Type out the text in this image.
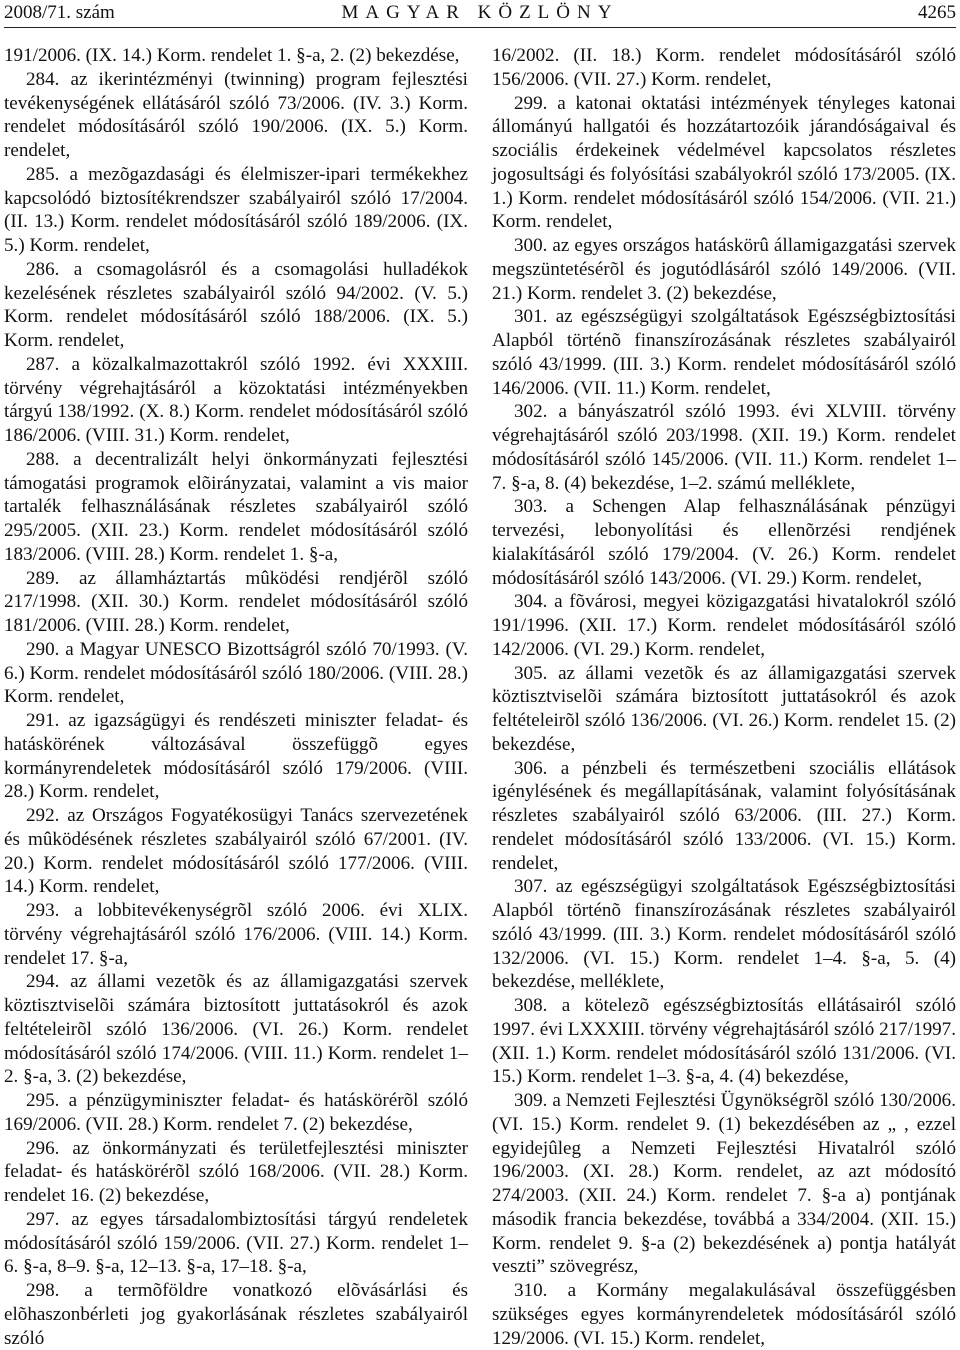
2008/71. szám	MAGYAR KÖZLÖNY	4265

191/2006. (IX. 14.) Korm. rendelet 1. §-a, 2. (2) bekezdése,

284. az ikerintézményi (twinning) program fejlesztési tevékenységének ellátásáról szóló 73/2006. (IV. 3.) Korm. rendelet módosításáról szóló 190/2006. (IX. 5.) Korm. rendelet,

285. a mezõgazdasági és élelmiszer-ipari termékekhez kapcsolódó biztosítékrendszer szabályairól szóló 17/2004. (II. 13.) Korm. rendelet módosításáról szóló 189/2006. (IX. 5.) Korm. rendelet,

286. a csomagolásról és a csomagolási hulladékok kezelésének részletes szabályairól szóló 94/2002. (V. 5.) Korm. rendelet módosításáról szóló 188/2006. (IX. 5.) Korm. rendelet,

287. a közalkalmazottakról szóló 1992. évi XXXIII. törvény végrehajtásáról a közoktatási intézményekben tárgyú 138/1992. (X. 8.) Korm. rendelet módosításáról szóló 186/2006. (VIII. 31.) Korm. rendelet,

288. a decentralizált helyi önkormányzati fejlesztési támogatási programok elõirányzatai, valamint a vis maior tartalék felhasználásának részletes szabályairól szóló 295/2005. (XII. 23.) Korm. rendelet módosításáról szóló 183/2006. (VIII. 28.) Korm. rendelet 1. §-a,

289. az államháztartás mûködési rendjérõl szóló 217/1998. (XII. 30.) Korm. rendelet módosításáról szóló 181/2006. (VIII. 28.) Korm. rendelet,

290. a Magyar UNESCO Bizottságról szóló 70/1993. (V. 6.) Korm. rendelet módosításáról szóló 180/2006. (VIII. 28.) Korm. rendelet,

291. az igazságügyi és rendészeti miniszter feladat- és hatáskörének változásával összefüggõ egyes kormányrendeletek módosításáról szóló 179/2006. (VIII. 28.) Korm. rendelet,

292. az Országos Fogyatékosügyi Tanács szervezetének és mûködésének részletes szabályairól szóló 67/2001. (IV. 20.) Korm. rendelet módosításáról szóló 177/2006. (VIII. 14.) Korm. rendelet,

293. a lobbitevékenységrõl szóló 2006. évi XLIX. törvény végrehajtásáról szóló 176/2006. (VIII. 14.) Korm. rendelet 17. §-a,

294. az állami vezetõk és az államigazgatási szervek köztisztviselõi számára biztosított juttatásokról és azok feltételeirõl szóló 136/2006. (VI. 26.) Korm. rendelet módosításáról szóló 174/2006. (VIII. 11.) Korm. rendelet 1–2. §-a, 3. (2) bekezdése,

295. a pénzügyminiszter feladat- és hatáskörérõl szóló 169/2006. (VII. 28.) Korm. rendelet 7. (2) bekezdése,

296. az önkormányzati és területfejlesztési miniszter feladat- és hatáskörérõl szóló 168/2006. (VII. 28.) Korm. rendelet 16. (2) bekezdése,

297. az egyes társadalombiztosítási tárgyú rendeletek módosításáról szóló 159/2006. (VII. 27.) Korm. rendelet 1–6. §-a, 8–9. §-a, 12–13. §-a, 17–18. §-a,

298. a termõföldre vonatkozó elõvásárlási és elõhaszonbérleti jog gyakorlásának részletes szabályairól szóló

16/2002. (II. 18.) Korm. rendelet módosításáról szóló 156/2006. (VII. 27.) Korm. rendelet,

299. a katonai oktatási intézmények tényleges katonai állományú hallgatói és hozzátartozóik járandóságaival és szociális érdekeinek védelmével kapcsolatos részletes jogosultsági és folyósítási szabályokról szóló 173/2005. (IX. 1.) Korm. rendelet módosításáról szóló 154/2006. (VII. 21.) Korm. rendelet,

300. az egyes országos hatáskörû államigazgatási szervek megszüntetésérõl és jogutódlásáról szóló 149/2006. (VII. 21.) Korm. rendelet 3. (2) bekezdése,

301. az egészségügyi szolgáltatások Egészségbiztosítási Alapból történõ finanszírozásának részletes szabályairól szóló 43/1999. (III. 3.) Korm. rendelet módosításáról szóló 146/2006. (VII. 11.) Korm. rendelet,

302. a bányászatról szóló 1993. évi XLVIII. törvény végrehajtásáról szóló 203/1998. (XII. 19.) Korm. rendelet módosításáról szóló 145/2006. (VII. 11.) Korm. rendelet 1–7. §-a, 8. (4) bekezdése, 1–2. számú melléklete,

303. a Schengen Alap felhasználásának pénzügyi tervezési, lebonyolítási és ellenõrzési rendjének kialakításáról szóló 179/2004. (V. 26.) Korm. rendelet módosításáról szóló 143/2006. (VI. 29.) Korm. rendelet,

304. a fõvárosi, megyei közigazgatási hivatalokról szóló 191/1996. (XII. 17.) Korm. rendelet módosításáról szóló 142/2006. (VI. 29.) Korm. rendelet,

305. az állami vezetõk és az államigazgatási szervek köztisztviselõi számára biztosított juttatásokról és azok feltételeirõl szóló 136/2006. (VI. 26.) Korm. rendelet 15. (2) bekezdése,

306. a pénzbeli és természetbeni szociális ellátások igénylésének és megállapításának, valamint folyósításának részletes szabályairól szóló 63/2006. (III. 27.) Korm. rendelet módosításáról szóló 133/2006. (VI. 15.) Korm. rendelet,

307. az egészségügyi szolgáltatások Egészségbiztosítási Alapból történõ finanszírozásának részletes szabályairól szóló 43/1999. (III. 3.) Korm. rendelet módosításáról szóló 132/2006. (VI. 15.) Korm. rendelet 1–4. §-a, 5. (4) bekezdése, melléklete,

308. a kötelezõ egészségbiztosítás ellátásairól szóló 1997. évi LXXXIII. törvény végrehajtásáról szóló 217/1997. (XII. 1.) Korm. rendelet módosításáról szóló 131/2006. (VI. 15.) Korm. rendelet 1–3. §-a, 4. (4) bekezdése,

309. a Nemzeti Fejlesztési Ügynökségrõl szóló 130/2006. (VI. 15.) Korm. rendelet 9. (1) bekezdésében az „ , ezzel egyidejûleg a Nemzeti Fejlesztési Hivatalról szóló 196/2003. (XI. 28.) Korm. rendelet, az azt módosító 274/2003. (XII. 24.) Korm. rendelet 7. §-a a) pontjának második francia bekezdése, továbbá a 334/2004. (XII. 15.) Korm. rendelet 9. §-a (2) bekezdésének a) pontja hatályát veszti” szövegrész,

310. a Kormány megalakulásával összefüggésben szükséges egyes kormányrendeletek módosításáról szóló 129/2006. (VI. 15.) Korm. rendelet,
